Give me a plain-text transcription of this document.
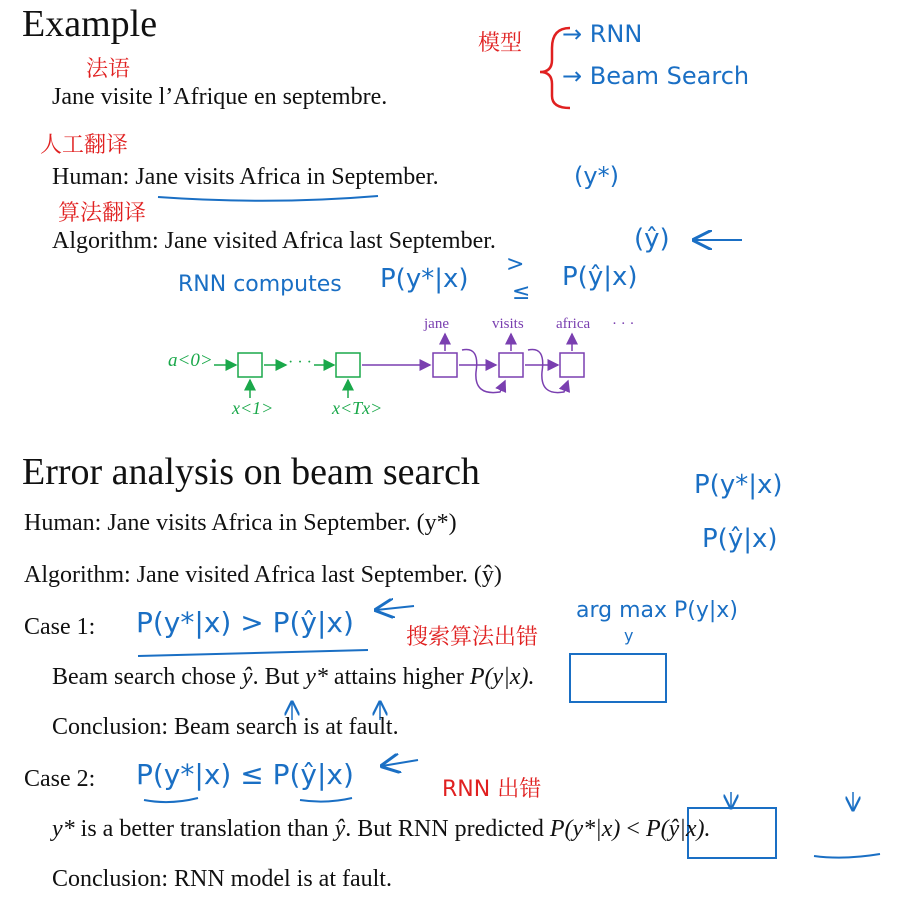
Example
法语
Jane visite l’Afrique en septembre.
模型 → RNN
→ Beam Search
人工翻译
Human: Jane visits Africa in September.	(y*)
算法翻译
Algorithm: Jane visited Africa last September.	(ŷ)
RNN computes P(y*|x) >
≤
P(ŷ|x)
a<0>	· · ·
x<1>	x<Tx>
jane	visits africa · · ·
Error analysis on beam search	P(y*|x)
P(ŷ|x)
Human: Jane visits Africa in September. (y*)
Algorithm: Jane visited Africa last September. (ŷ)
Case 1: P(y*|x) > P(ŷ|x) 搜索算法出错
arg max P(y|x)
y
Beam search chose ŷ. But y* attains higher P(y|x).
Conclusion: Beam search is at fault.
Case 2: P(y*|x) ≤ P(ŷ|x)	RNN 出错
y* is a better translation than ŷ. But RNN predicted P(y*|x) < P(ŷ|x).
Conclusion: RNN model is at fault.
